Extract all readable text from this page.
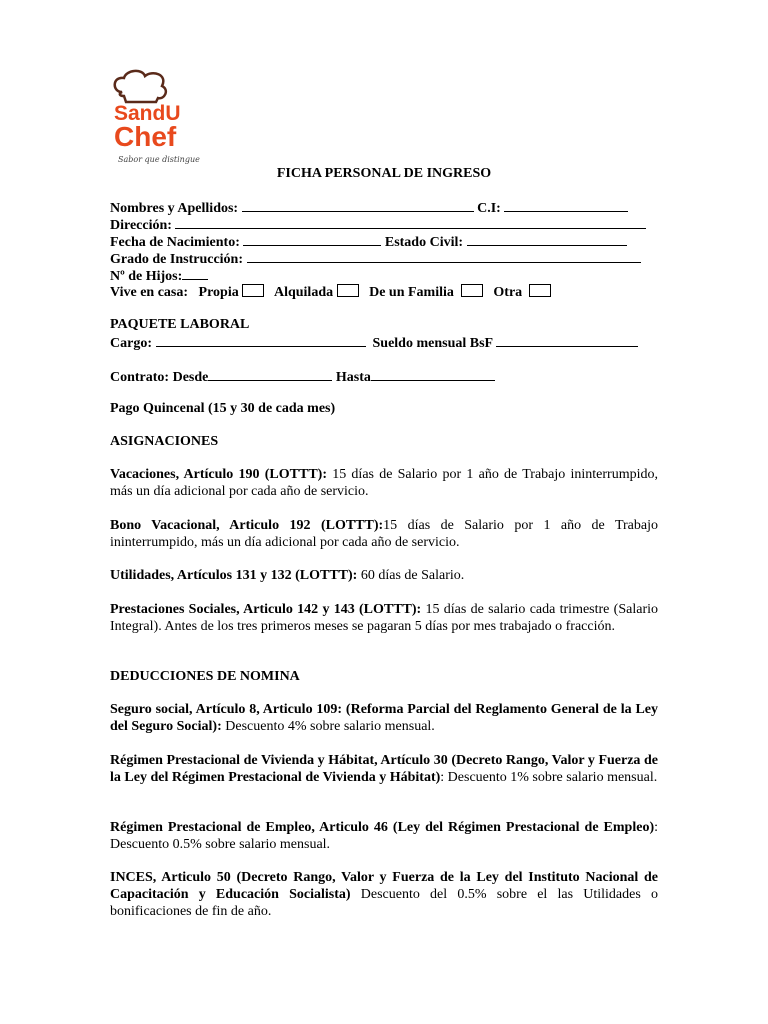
SandU
Chef
Sabor que distingue
FICHA PERSONAL DE INGRESO
Nombres y Apellidos:	C.I:
Dirección:
Fecha de Nacimiento:	Estado Civil:
Grado de Instrucción:
Nº de Hijos:
Vive en casa: Propia	Alquilada	De un Familia	Otra
PAQUETE LABORAL
Cargo:	Sueldo mensual BsF
Contrato: Desde	Hasta
Pago Quincenal (15 y 30 de cada mes)
ASIGNACIONES

Vacaciones, Artículo 190 (LOTTT): 15 días de Salario por 1 año de Trabajo ininterrumpido, más un día adicional por cada año de servicio.

Bono Vacacional, Articulo 192 (LOTTT):15 días de Salario por 1 año de Trabajo ininterrumpido, más un día adicional por cada año de servicio.

Utilidades, Artículos 131 y 132 (LOTTT): 60 días de Salario.

Prestaciones Sociales, Articulo 142 y 143 (LOTTT): 15 días de salario cada trimestre (Salario Integral). Antes de los tres primeros meses se pagaran 5 días por mes trabajado o fracción.

DEDUCCIONES DE NOMINA

Seguro social, Artículo 8, Articulo 109: (Reforma Parcial del Reglamento General de la Ley del Seguro Social): Descuento 4% sobre salario mensual.

Régimen Prestacional de Vivienda y Hábitat, Artículo 30 (Decreto Rango, Valor y Fuerza de la Ley del Régimen Prestacional de Vivienda y Hábitat): Descuento 1% sobre salario mensual.

Régimen Prestacional de Empleo, Articulo 46 (Ley del Régimen Prestacional de Empleo): Descuento 0.5% sobre salario mensual.

INCES, Articulo 50 (Decreto Rango, Valor y Fuerza de la Ley del Instituto Nacional de Capacitación y Educación Socialista) Descuento del 0.5% sobre el las Utilidades o bonificaciones de fin de año.
